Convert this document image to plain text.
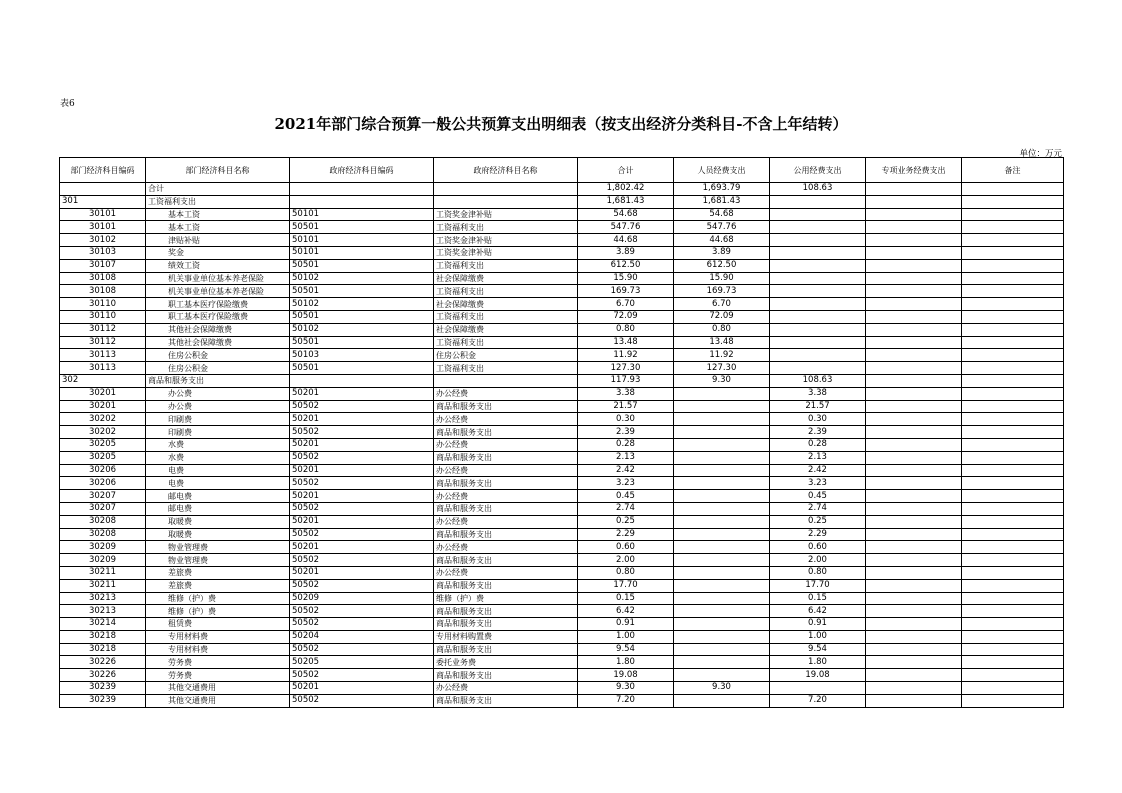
表6
2021年部门综合预算一般公共预算支出明细表（按支出经济分类科目-不含上年结转）
单位：万元
部门经济科目编码	部门经济科目名称	政府经济科目编码	政府经济科目名称	合计	人员经费支出	公用经费支出	专项业务经费支出	备注
	合计			1,802.42	1,693.79	108.63		
301	工资福利支出			1,681.43	1,681.43			
30101	基本工资	50101	工资奖金津补贴	54.68	54.68			
30101	基本工资	50501	工资福利支出	547.76	547.76			
30102	津贴补贴	50101	工资奖金津补贴	44.68	44.68			
30103	奖金	50101	工资奖金津补贴	3.89	3.89			
30107	绩效工资	50501	工资福利支出	612.50	612.50			
30108	机关事业单位基本养老保险	50102	社会保障缴费	15.90	15.90			
30108	机关事业单位基本养老保险	50501	工资福利支出	169.73	169.73			
30110	职工基本医疗保险缴费	50102	社会保障缴费	6.70	6.70			
30110	职工基本医疗保险缴费	50501	工资福利支出	72.09	72.09			
30112	其他社会保障缴费	50102	社会保障缴费	0.80	0.80			
30112	其他社会保障缴费	50501	工资福利支出	13.48	13.48			
30113	住房公积金	50103	住房公积金	11.92	11.92			
30113	住房公积金	50501	工资福利支出	127.30	127.30			
302	商品和服务支出			117.93	9.30	108.63		
30201	办公费	50201	办公经费	3.38		3.38		
30201	办公费	50502	商品和服务支出	21.57		21.57		
30202	印刷费	50201	办公经费	0.30		0.30		
30202	印刷费	50502	商品和服务支出	2.39		2.39		
30205	水费	50201	办公经费	0.28		0.28		
30205	水费	50502	商品和服务支出	2.13		2.13		
30206	电费	50201	办公经费	2.42		2.42		
30206	电费	50502	商品和服务支出	3.23		3.23		
30207	邮电费	50201	办公经费	0.45		0.45		
30207	邮电费	50502	商品和服务支出	2.74		2.74		
30208	取暖费	50201	办公经费	0.25		0.25		
30208	取暖费	50502	商品和服务支出	2.29		2.29		
30209	物业管理费	50201	办公经费	0.60		0.60		
30209	物业管理费	50502	商品和服务支出	2.00		2.00		
30211	差旅费	50201	办公经费	0.80		0.80		
30211	差旅费	50502	商品和服务支出	17.70		17.70		
30213	维修（护）费	50209	维修（护）费	0.15		0.15		
30213	维修（护）费	50502	商品和服务支出	6.42		6.42		
30214	租赁费	50502	商品和服务支出	0.91		0.91		
30218	专用材料费	50204	专用材料购置费	1.00		1.00		
30218	专用材料费	50502	商品和服务支出	9.54		9.54		
30226	劳务费	50205	委托业务费	1.80		1.80		
30226	劳务费	50502	商品和服务支出	19.08		19.08		
30239	其他交通费用	50201	办公经费	9.30	9.30			
30239	其他交通费用	50502	商品和服务支出	7.20		7.20		
